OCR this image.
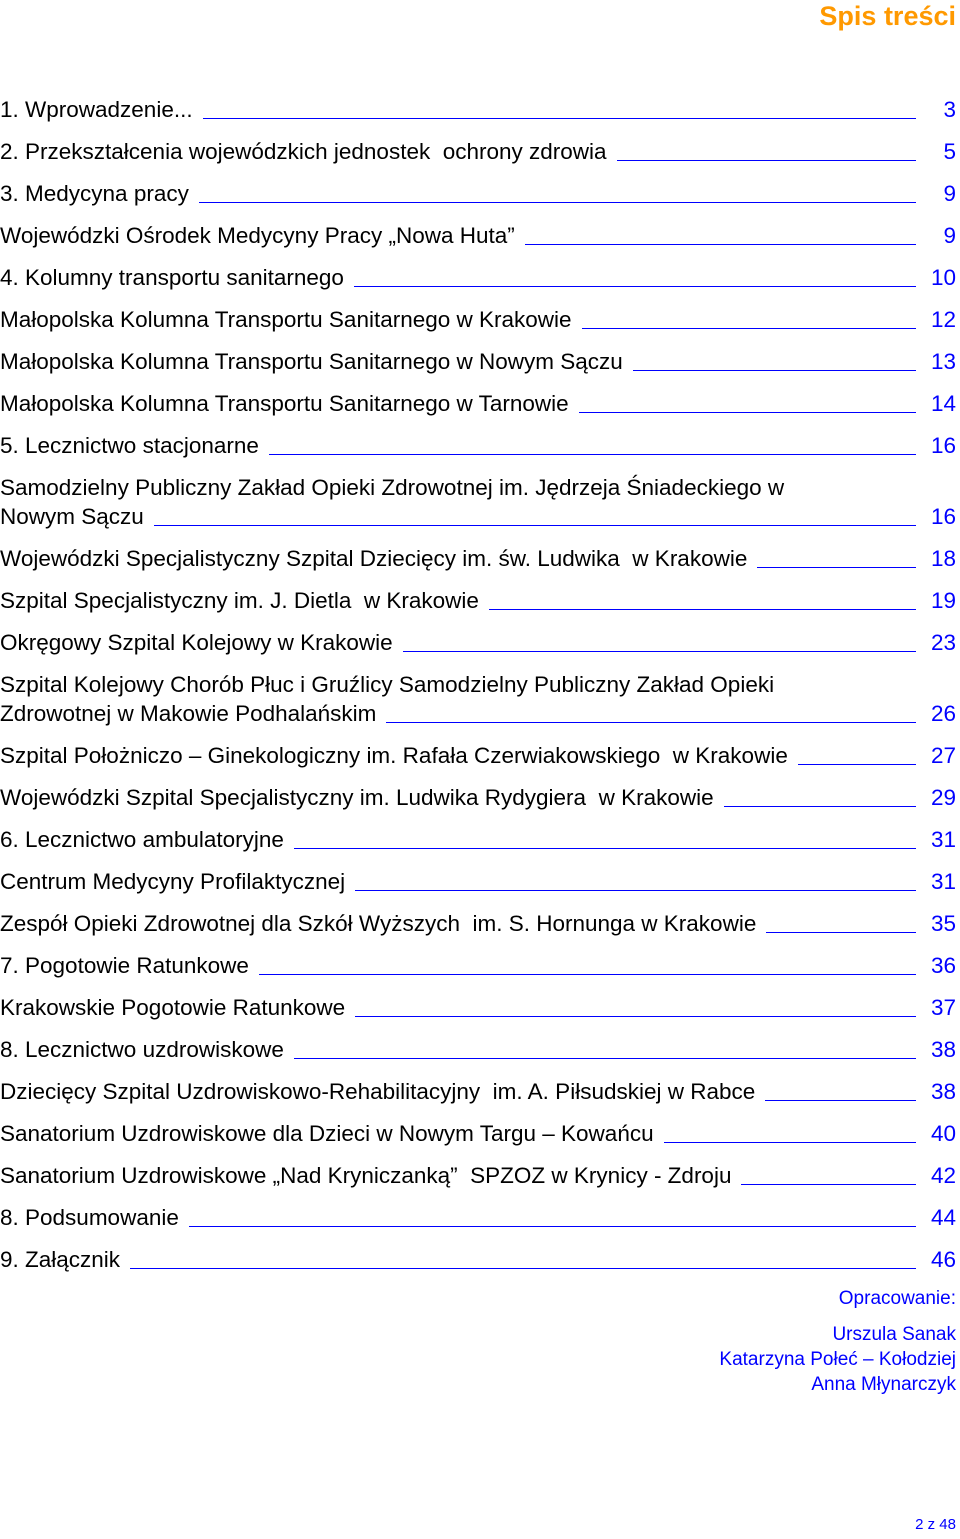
Spis treści
1. Wprowadzenie...	3
2. Przekształcenia wojewódzkich jednostek  ochrony zdrowia	5
3. Medycyna pracy	9
Wojewódzki Ośrodek Medycyny Pracy „Nowa Huta”	9
4. Kolumny transportu sanitarnego	10
Małopolska Kolumna Transportu Sanitarnego w Krakowie	12
Małopolska Kolumna Transportu Sanitarnego w Nowym Sączu	13
Małopolska Kolumna Transportu Sanitarnego w Tarnowie	14
5. Lecznictwo stacjonarne	16
Samodzielny Publiczny Zakład Opieki Zdrowotnej im. Jędrzeja Śniadeckiego w
Nowym Sączu	16
Wojewódzki Specjalistyczny Szpital Dziecięcy im. św. Ludwika  w Krakowie	18
Szpital Specjalistyczny im. J. Dietla  w Krakowie	19
Okręgowy Szpital Kolejowy w Krakowie	23
Szpital Kolejowy Chorób Płuc i Gruźlicy Samodzielny Publiczny Zakład Opieki
Zdrowotnej w Makowie Podhalańskim	26
Szpital Położniczo – Ginekologiczny im. Rafała Czerwiakowskiego  w Krakowie	27
Wojewódzki Szpital Specjalistyczny im. Ludwika Rydygiera  w Krakowie	29
6. Lecznictwo ambulatoryjne	31
Centrum Medycyny Profilaktycznej	31
Zespół Opieki Zdrowotnej dla Szkół Wyższych  im. S. Hornunga w Krakowie	35
7. Pogotowie Ratunkowe	36
Krakowskie Pogotowie Ratunkowe	37
8. Lecznictwo uzdrowiskowe	38
Dziecięcy Szpital Uzdrowiskowo-Rehabilitacyjny  im. A. Piłsudskiej w Rabce	38
Sanatorium Uzdrowiskowe dla Dzieci w Nowym Targu – Kowańcu	40
Sanatorium Uzdrowiskowe „Nad Kryniczanką”  SPZOZ w Krynicy - Zdroju	42
8. Podsumowanie	44
9. Załącznik	46
Opracowanie:
Urszula Sanak
Katarzyna Połeć – Kołodziej
Anna Młynarczyk
2 z 48
